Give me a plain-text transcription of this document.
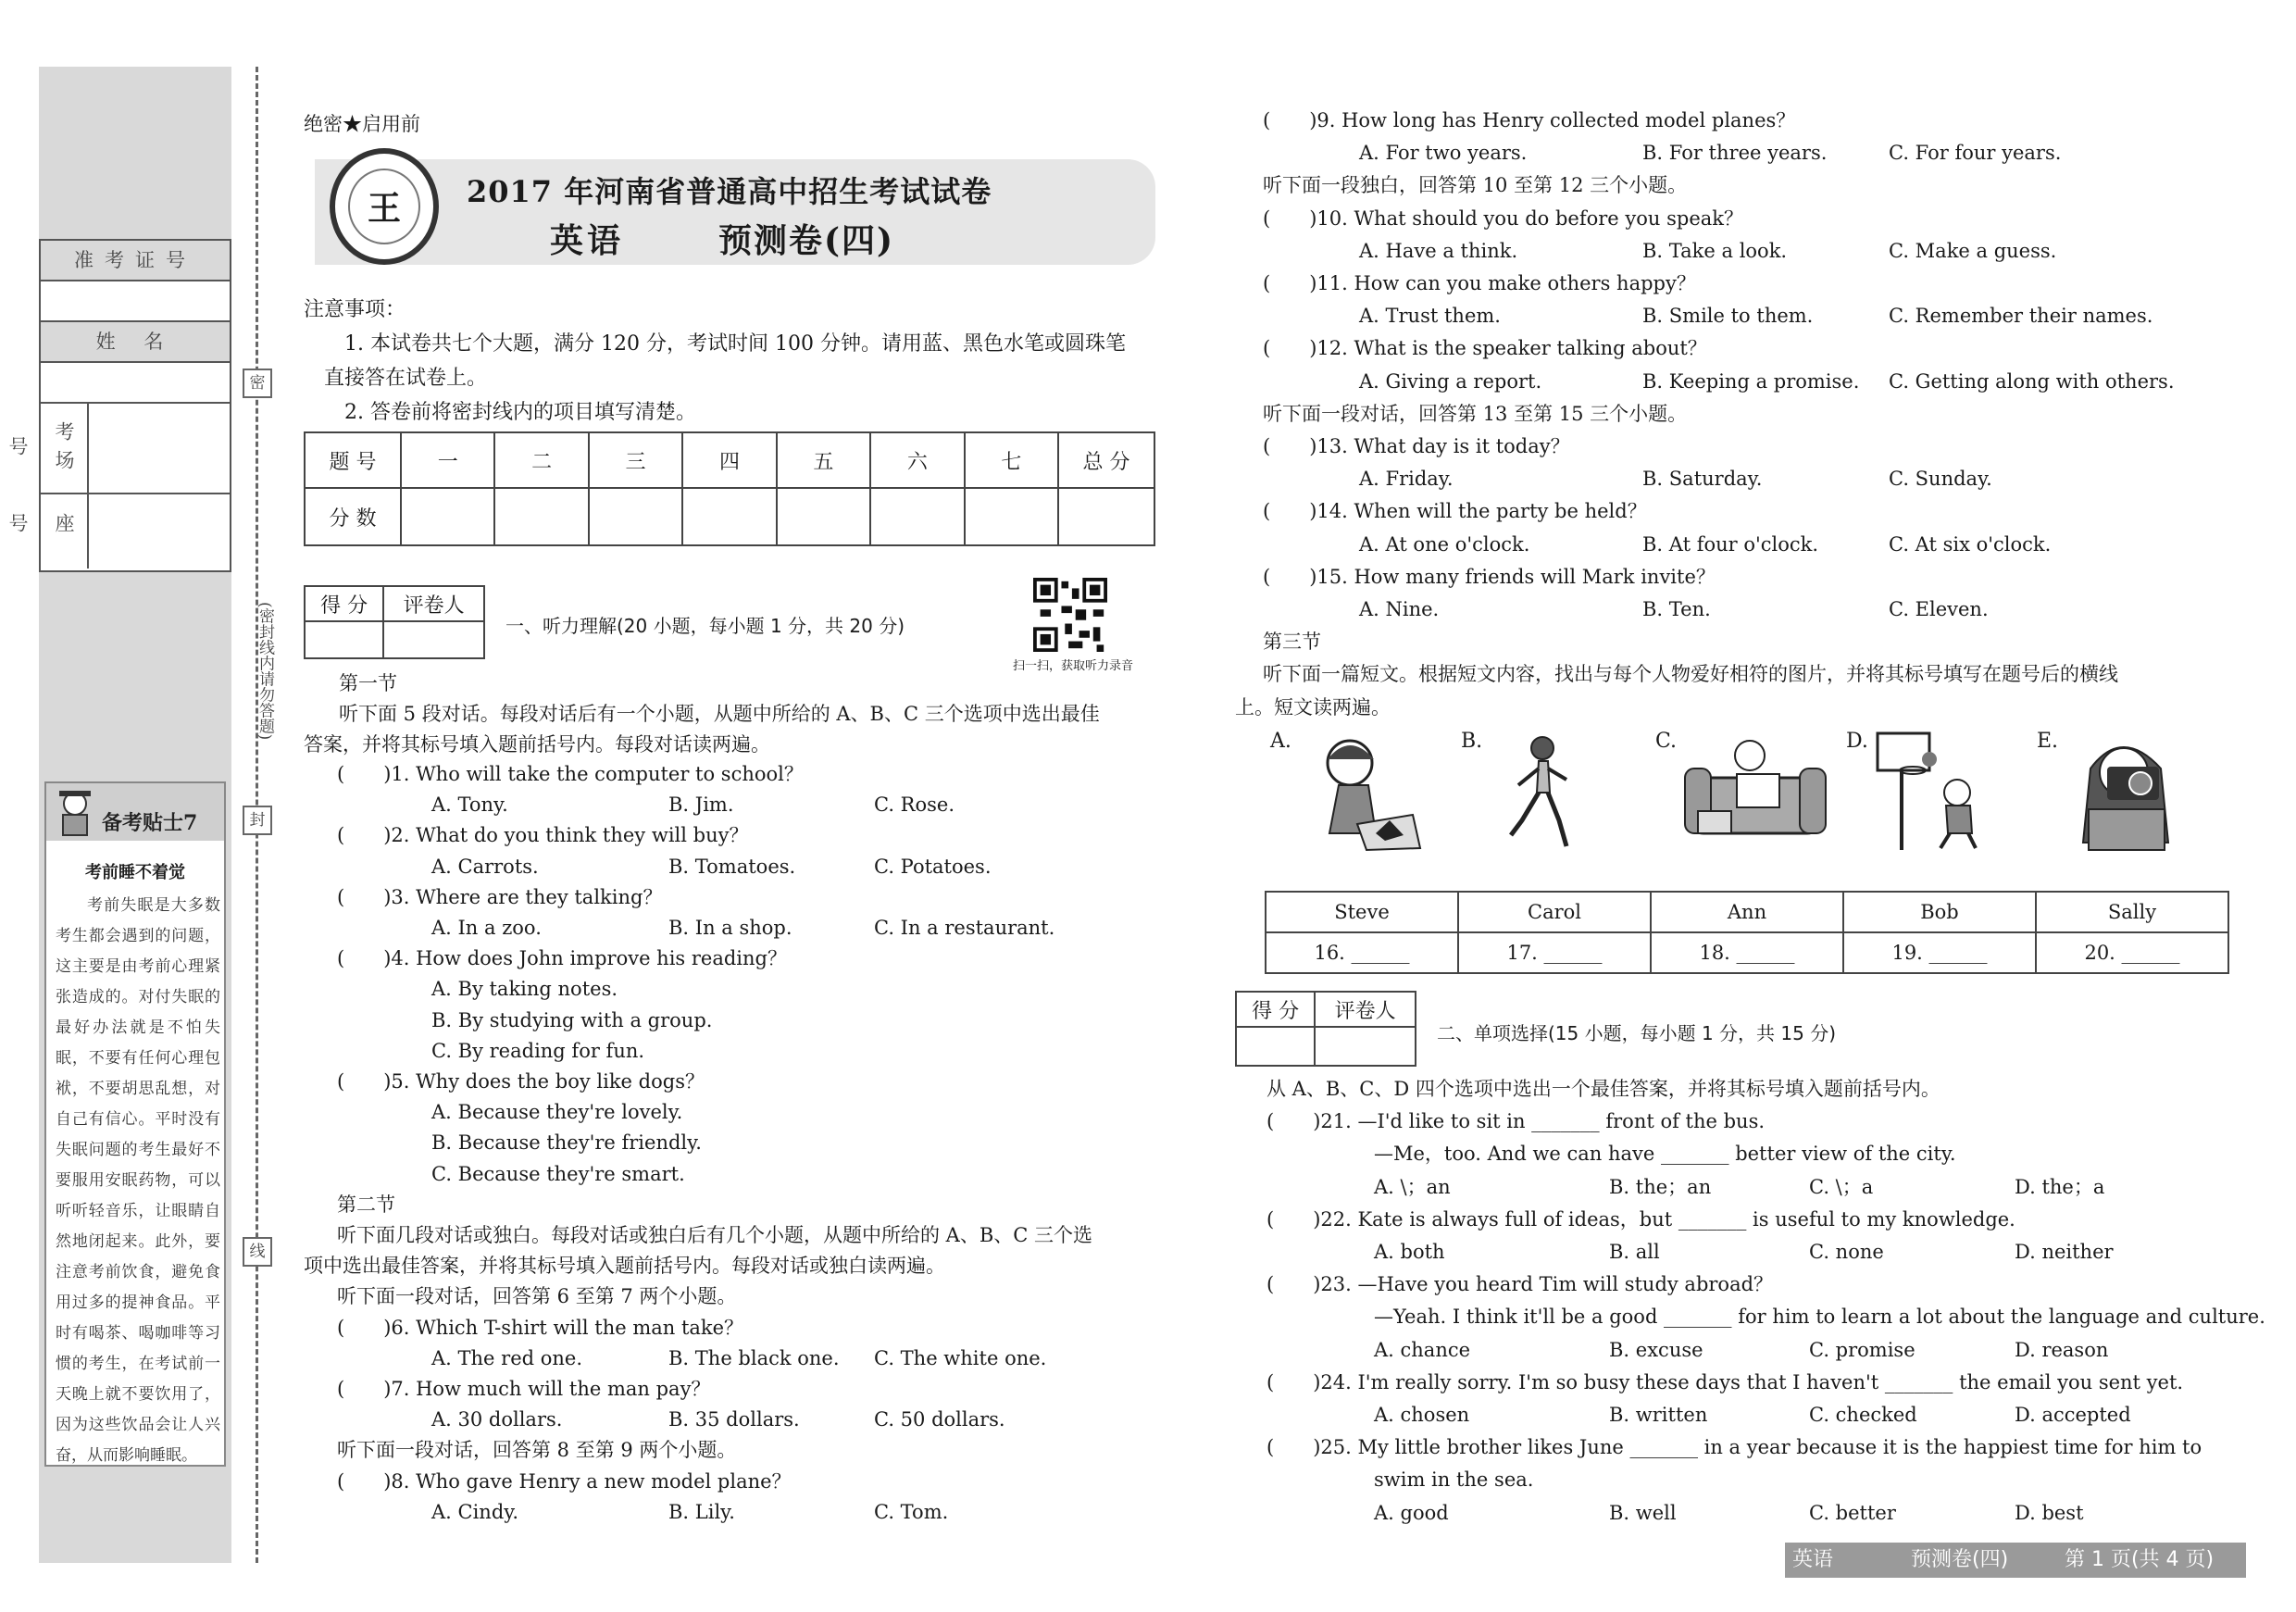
准考证号
姓 名
考场号
座号
密
(密封线内请勿答题)
封
线
备考贴士7
考前睡不着觉
考前失眠是大多数考生都会遇到的问题，这主要是由考前心理紧张造成的。对付失眠的最好办法就是不怕失眠，不要有任何心理包袱，不要胡思乱想，对自己有信心。平时没有失眠问题的考生最好不要服用安眠药物，可以听听轻音乐，让眼睛自然地闭起来。此外，要注意考前饮食，避免食用过多的提神食品。平时有喝茶、喝咖啡等习惯的考生，在考试前一天晚上就不要饮用了，因为这些饮品会让人兴奋，从而影响睡眠。
绝密★启用前
王	2017 年河南省普通高中招生考试试卷
英语	预测卷(四)
注意事项：
1. 本试卷共七个大题，满分 120 分，考试时间 100 分钟。请用蓝、黑色水笔或圆珠笔
直接答在试卷上。
2. 答卷前将密封线内的项目填写清楚。
题 号	一	二	三	四	五	六	七	总 分
分 数								
得 分	评卷人

一、听力理解(20 小题，每小题 1 分，共 20 分)
扫一扫，获取听力录音
第一节
听下面 5 段对话。每段对话后有一个小题，从题中所给的 A、B、C 三个选项中选出最佳
答案，并将其标号填入题前括号内。每段对话读两遍。
(　　)1. Who will take the computer to school？
A. Tony.	B. Jim.	C. Rose.
(　　)2. What do you think they will buy？
A. Carrots.	B. Tomatoes.	C. Potatoes.
(　　)3. Where are they talking？
A. In a zoo.	B. In a shop.	C. In a restaurant.
(　　)4. How does John improve his reading？
A. By taking notes.
B. By studying with a group.
C. By reading for fun.
(　　)5. Why does the boy like dogs？
A. Because they're lovely.
B. Because they're friendly.
C. Because they're smart.
第二节
听下面几段对话或独白。每段对话或独白后有几个小题，从题中所给的 A、B、C 三个选
项中选出最佳答案，并将其标号填入题前括号内。每段对话或独白读两遍。
听下面一段对话，回答第 6 至第 7 两个小题。
(　　)6. Which T-shirt will the man take？
A. The red one.	B. The black one. C. The white one.
(　　)7. How much will the man pay？
A. 30 dollars.	B. 35 dollars.	C. 50 dollars.
听下面一段对话，回答第 8 至第 9 两个小题。
(　　)8. Who gave Henry a new model plane？
A. Cindy.	B. Lily.	C. Tom.
(　　)9. How long has Henry collected model planes？
A. For two years.	B. For three years.	C. For four years.
听下面一段独白，回答第 10 至第 12 三个小题。
(　　)10. What should you do before you speak？
A. Have a think.	B. Take a look.	C. Make a guess.
(　　)11. How can you make others happy？
A. Trust them.	B. Smile to them.	C. Remember their names.
(　　)12. What is the speaker talking about？
A. Giving a report.	B. Keeping a promise. C. Getting along with others.
听下面一段对话，回答第 13 至第 15 三个小题。
(　　)13. What day is it today？
A. Friday.	B. Saturday.	C. Sunday.
(　　)14. When will the party be held？
A. At one o'clock.	B. At four o'clock.	C. At six o'clock.
(　　)15. How many friends will Mark invite？
A. Nine.	B. Ten.	C. Eleven.
第三节
听下面一篇短文。根据短文内容，找出与每个人物爱好相符的图片，并将其标号填写在题号后的横线
上。短文读两遍。
A.	B.	C.	D.	E.
Steve	Carol	Ann	Bob	Sally
16. ______	17. ______	18. ______	19. ______	20. ______
得 分	评卷人

二、单项选择(15 小题，每小题 1 分，共 15 分)
从 A、B、C、D 四个选项中选出一个最佳答案，并将其标号填入题前括号内。
(　　)21. —I'd like to sit in _______ front of the bus.
—Me，too. And we can have _______ better view of the city.
A. \；an	B. the；an	C. \；a	D. the；a
(　　)22. Kate is always full of ideas，but _______ is useful to my knowledge.
A. both	B. all	C. none	D. neither
(　　)23. —Have you heard Tim will study abroad？
—Yeah. I think it'll be a good _______ for him to learn a lot about the language and culture.
A. chance	B. excuse	C. promise	D. reason
(　　)24. I'm really sorry. I'm so busy these days that I haven't _______ the email you sent yet.
A. chosen	B. written	C. checked	D. accepted
(　　)25. My little brother likes June _______ in a year because it is the happiest time for him to
swim in the sea.
A. good	B. well	C. better	D. best
英语	预测卷(四)	第 1 页(共 4 页)
